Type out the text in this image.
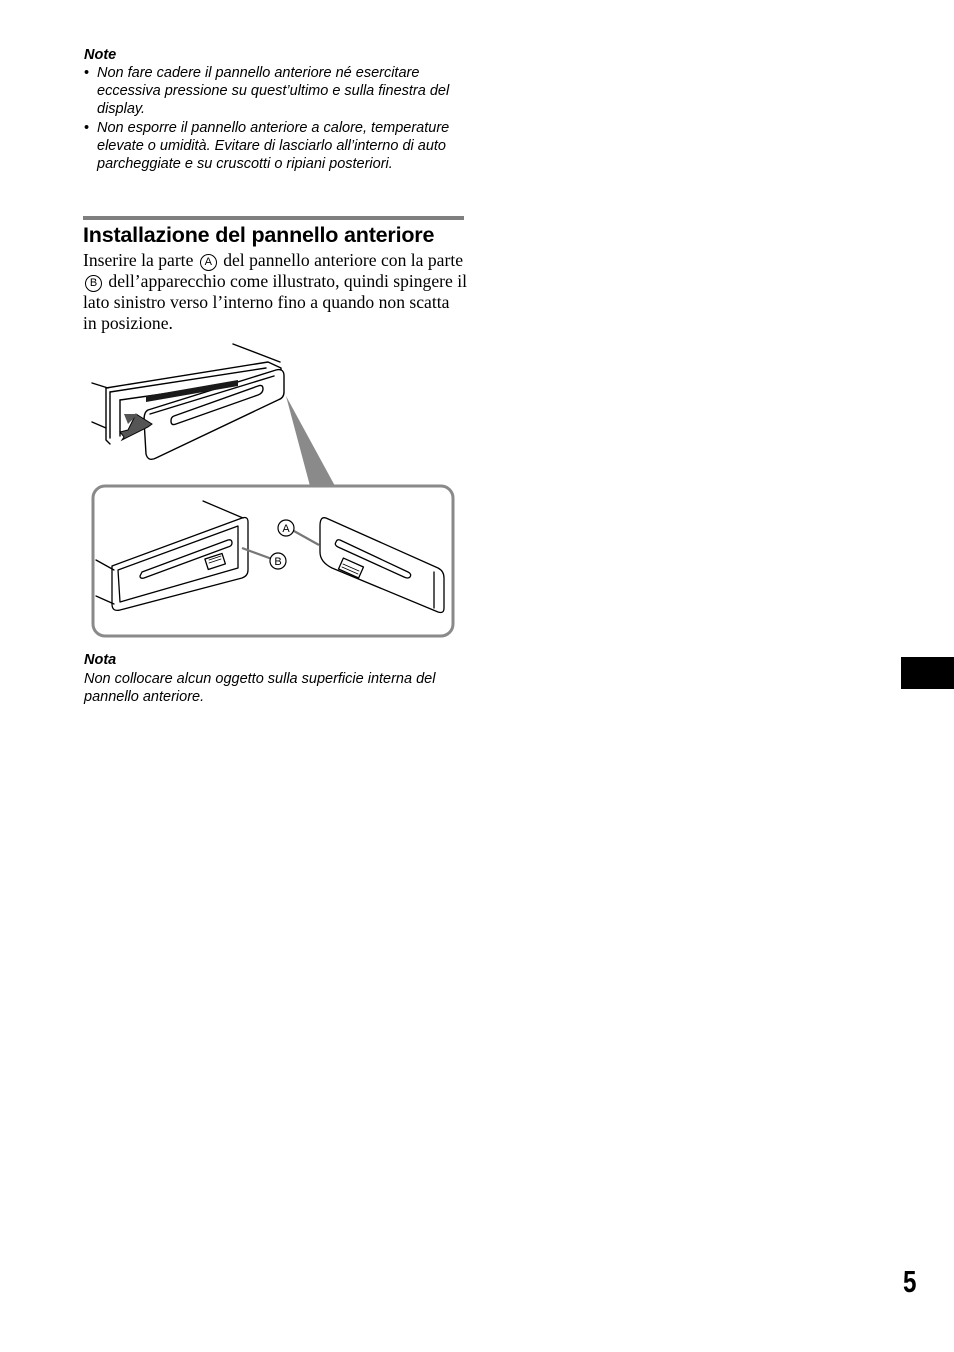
Note
• Non fare cadere il pannello anteriore né esercitare eccessiva pressione su quest’ultimo e sulla finestra del display.
• Non esporre il pannello anteriore a calore, temperature elevate o umidità. Evitare di lasciarlo all’interno di auto parcheggiate e su cruscotti o ripiani posteriori.
Installazione del pannello anteriore
Inserire la parte A del pannello anteriore con la parte B dell’apparecchio come illustrato, quindi spingere il lato sinistro verso l’interno fino a quando non scatta in posizione.
A
B
Nota
Non collocare alcun oggetto sulla superficie interna del pannello anteriore.
5
